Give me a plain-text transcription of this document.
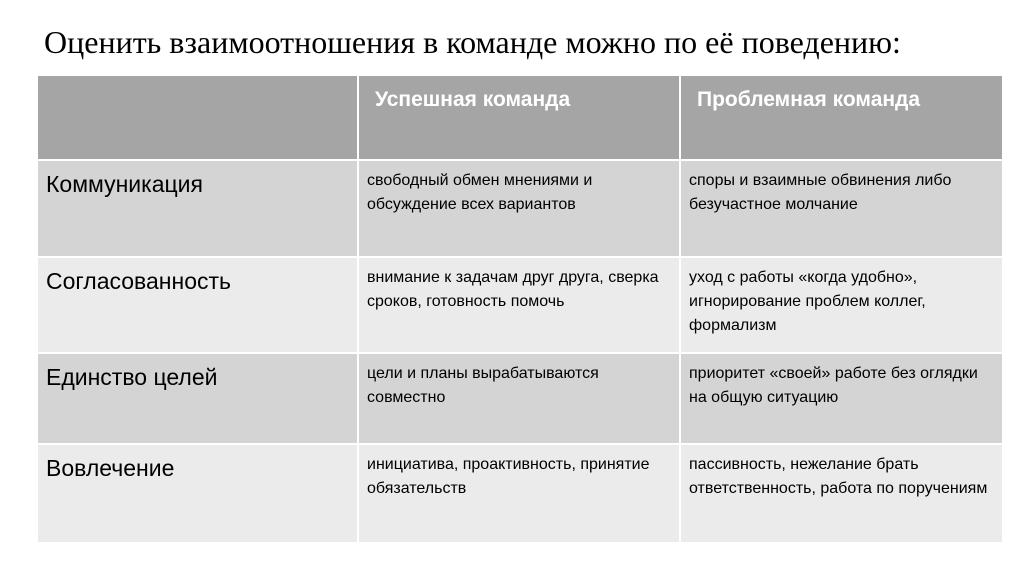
Оценить взаимоотношения в команде можно по её поведению:
	Успешная команда	Проблемная команда
Коммуникация	свободный обмен мнениями и обсуждение всех вариантов	споры и взаимные обвинения либо безучастное молчание
Согласованность	внимание к задачам друг друга, сверка сроков, готовность помочь	уход с работы «когда удобно», игнорирование проблем коллег, формализм
Единство целей	цели и планы вырабатываются совместно	приоритет «своей» работе без оглядки на общую ситуацию
Вовлечение	инициатива, проактивность, принятие обязательств	пассивность, нежелание брать ответственность, работа по поручениям
